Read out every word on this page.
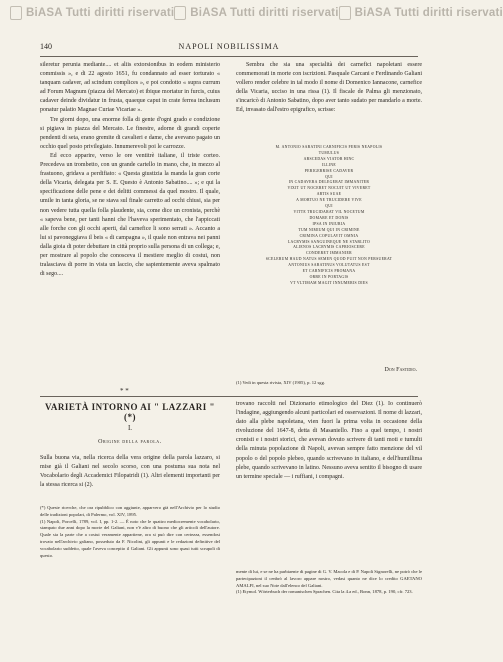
BiASA Tutti diritti riservati BiASA Tutti diritti riservati BiASA Tutti diritti riservati
140	NAPOLI NOBILISSIMA

sileretur perunia mediante.... et aliis extorsionibus in eodem ministerio commissis », e di 22 agosto 1651, fu condannato ad esser torturato « tanquam cadaver, ad scindum complices », e poi condotto « supra currum ad Forum Magnum (piazza del Mercato) et ibique mortatur in furcis, cuius cadaver deinde dividatur in frusta, quaeque caput in crate ferrea inclusum ponatur palatio Magnae Curiae Vicariae ».

Tre giorni dopo, una enorme folla di gente d'ogni grado e condizione si pigiava in piazza del Mercato. Le finestre, adorne di grandi coperte pendenti di seta, erano gremite di cavalieri e dame, che avevano pagato un occhio quel posto privilegiato. Innumerevoli poi le carrozze.

Ed ecco apparire, verso le ore ventitrè italiane, il triste corteo. Precedeva un trombetto, con un grande cartello in mano, che, in mezzo al frastuono, gridava a perdifiato: « Questa giustizia la manda la gran corte della Vicaria, delegata per S. E. Questo è Antonio Sabatino.... »; e qui la specificazione delle pene e dei delitti commessi da quel mostro. Il quale, umile in tanta gloria, se ne stava sul finale carretto ad occhi chiusi, sia per non vedere tutta quella folla plaudente, sia, come dice un cronista, perchè « sapeva bene, per tanti hanni che l'haveva sperimentato, che l'appiccati alle forche con gli occhi aperti, dal carnefice li sono serrati ». Accanto a lui si pavoneggiava il beis « di campagna », il quale non entrava nei panni dalla gioia di poter debuttare in città proprio sulla persona di un collega; e, per mostrare al popolo che conosceva il mestiere meglio di costui, non tralasciava di porre in vista un laccio, che sapientemente aveva spalmato di sego....

Sembra che sia una specialità dei carnefici napoletani essere commemorati in morte con iscrizioni. Pasquale Carcani e Ferdinando Galiani vollero render celebre in tal modo il nome di Domenico Iannacone, carnefice della Vicaria, ucciso in una rissa (1). Il fiscale de Palma gli menzionato, s'incaricò di Antonio Sabatino, dopo aver tanto sudato per mandarlo a morte. Ed, invasato dall'estro epigrafico, scrisse:
M. ANTONIO SABATINI CARNIFICIS FERIS NEAPOLIS
TUMULUS
ABSCEDAS VIATOR HINC
ILLINE
PERIGERRISE CADAVER
QUI
IN CADAVERA DELEGERAT IMMANITER
VIXIT UT NOCERET NOCUIT UT VIVERET
ARTIS SUAE
A MORTUO NE TRUCIDERE VIVE
QUI
VITTE TRUCIDARAT VIL NOCETUM
DOMARE ET DONIS
IPSA IN INIURIA
TUM NIMIUM QUI IN CRIMINE
CRIMINA COPULAVIT OMNIA
LACRYMIS SANGUINEQUE NE STABLITO
ALIENOS LACRYMIS CAPRIOSCERE
CONDERET IMMANIER
SCELERUM HAUD NATUS SEMEN QUOD FUIT NON PERSUERAT
ANTONIUS SABATINUS VOLUTATUS EST
ET CARNIFICIS PROMANA
ORBE IN PORTAGIS
VT VLTIMAM MAGIT INNUMERIS DIES
Don Fastidio.
(1) Vedi in questa rivista, XIV (1905), p. 12 sgg.
* *
VARIETÀ INTORNO AI " LAZZARI " (*)
I.
Origine della parola.

Sulla buona via, nella ricerca della vera origine della parola lazzaro, si mise già il Galiani nel secolo scorso, con una postuma sua nota nel Vocabolario degli Accademici Filopatridi (1). Altri elementi importanti per la stessa ricerca si (2).

trovano raccolti nel Dizionario etimologico del Diez (1). Io continuerò l'indagine, aggiungendo alcuni particolari ed osservazioni. Il nome di lazzari, dato alla plebe napoletana, vien fuori la prima volta in occasione della rivoluzione del 1647-8, detta di Masaniello. Fino a quel tempo, i nostri cronisti e i nostri storici, che avevan dovuto scrivere di tanti moti e tumulti della minuta popolazione di Napoli, avevan sempre fatto menzione del vil popolo o del popolo plebeo, quando scrivevano in italiano, e dell'humillima plebe, quando scrivevano in latino. Nessuno aveva sentito il bisogno di usare un termine speciale — i ruffiani, i compagni.

(*) Queste ricerche, che ora ripubblico con aggiunte, apparvero già nell'Archivio per lo studio delle tradizioni popolari, di Palermo, vol. XIV, 1895.

(1) Napoli, Porcelli, 1789, vol. I, pp. 1-2. — È noto che le quattro mediocremente vocabolario, stampato due anni dopo la morte del Galiani, non v'è altro di buono che gli articoli dell'autore. Quale sia la parte che a costui veramente appartiene, ora si può dire con certezza, essendosi trovato nell'archivio galiano, posseduto da F. Nicolini, gli appunti e le redazioni definitive del vocabolario suddetto, quale l'aveva concepito il Galiani. Gli appunti sono quasi tutti scrupoli di questo.

mente di lui, e se ne ha parbiaente di pagine di G. V. Macola e di P. Napoli Signorelli, ne potrò che le partecipazioni il cenbrò al lavoro appare nostro, vedasi quanto ne dice lo credito GAETANO AMALFI, nel suo Note dall'elenco del Galiani.

(1) Etymol. Wörterbuch der romanischen Sprachen. Cita la 4.a ed., Bonn, 1878, p. 190, cfr. 723.
